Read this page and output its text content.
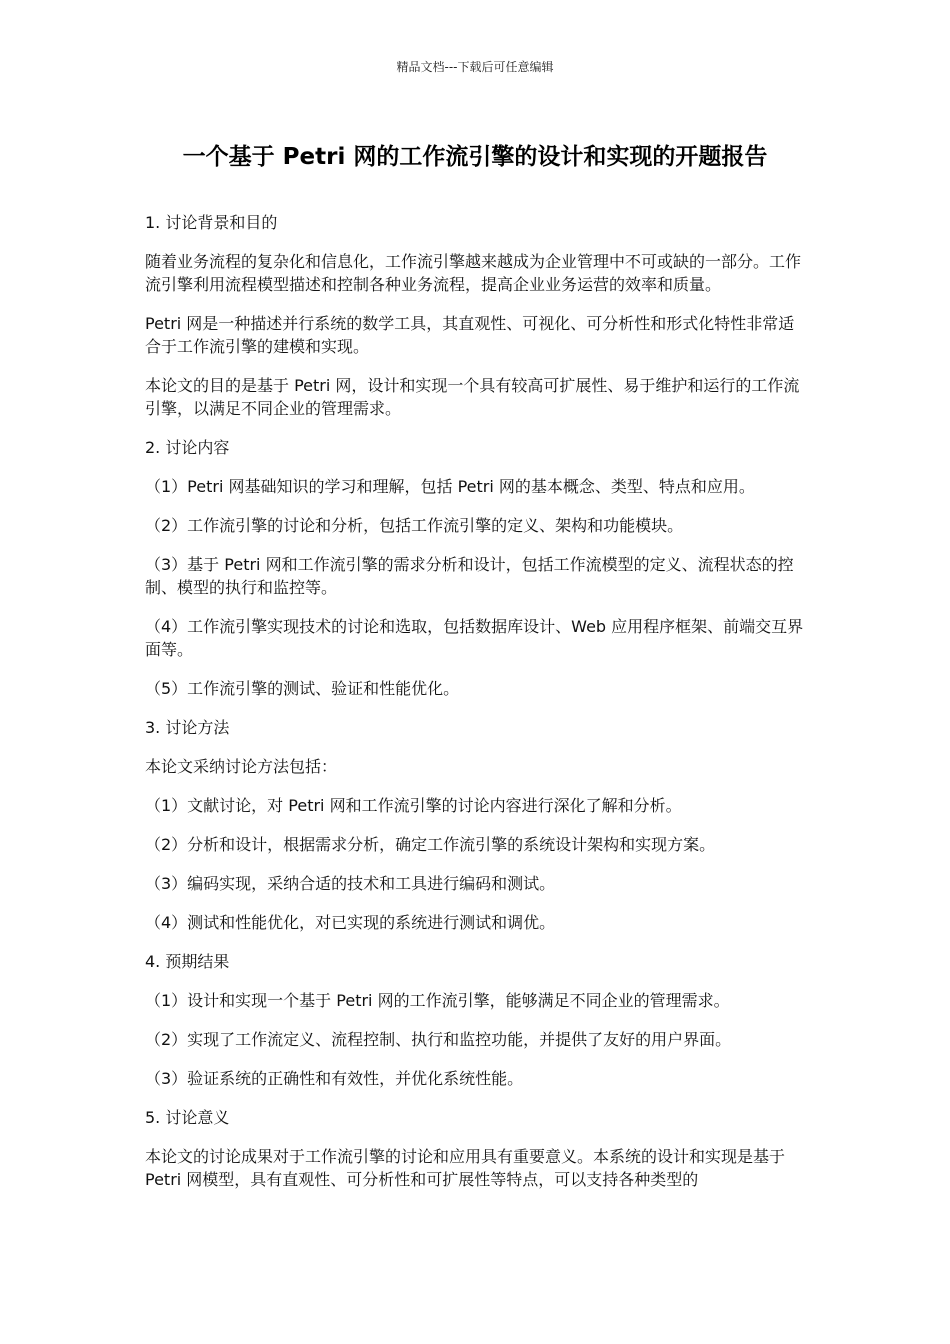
精品文档---下载后可任意编辑
一个基于 Petri 网的工作流引擎的设计和实现的开题报告

1. 讨论背景和目的

随着业务流程的复杂化和信息化，工作流引擎越来越成为企业管理中不可或缺的一部分。工作流引擎利用流程模型描述和控制各种业务流程，提高企业业务运营的效率和质量。

Petri 网是一种描述并行系统的数学工具，其直观性、可视化、可分析性和形式化特性非常适合于工作流引擎的建模和实现。

本论文的目的是基于 Petri 网，设计和实现一个具有较高可扩展性、易于维护和运行的工作流引擎，以满足不同企业的管理需求。

2. 讨论内容

（1）Petri 网基础知识的学习和理解，包括 Petri 网的基本概念、类型、特点和应用。

（2）工作流引擎的讨论和分析，包括工作流引擎的定义、架构和功能模块。

（3）基于 Petri 网和工作流引擎的需求分析和设计，包括工作流模型的定义、流程状态的控制、模型的执行和监控等。

（4）工作流引擎实现技术的讨论和选取，包括数据库设计、Web 应用程序框架、前端交互界面等。

（5）工作流引擎的测试、验证和性能优化。

3. 讨论方法

本论文采纳讨论方法包括：

（1）文献讨论，对 Petri 网和工作流引擎的讨论内容进行深化了解和分析。

（2）分析和设计，根据需求分析，确定工作流引擎的系统设计架构和实现方案。

（3）编码实现，采纳合适的技术和工具进行编码和测试。

（4）测试和性能优化，对已实现的系统进行测试和调优。

4. 预期结果

（1）设计和实现一个基于 Petri 网的工作流引擎，能够满足不同企业的管理需求。

（2）实现了工作流定义、流程控制、执行和监控功能，并提供了友好的用户界面。

（3）验证系统的正确性和有效性，并优化系统性能。

5. 讨论意义

本论文的讨论成果对于工作流引擎的讨论和应用具有重要意义。本系统的设计和实现是基于 Petri 网模型，具有直观性、可分析性和可扩展性等特点，可以支持各种类型的
